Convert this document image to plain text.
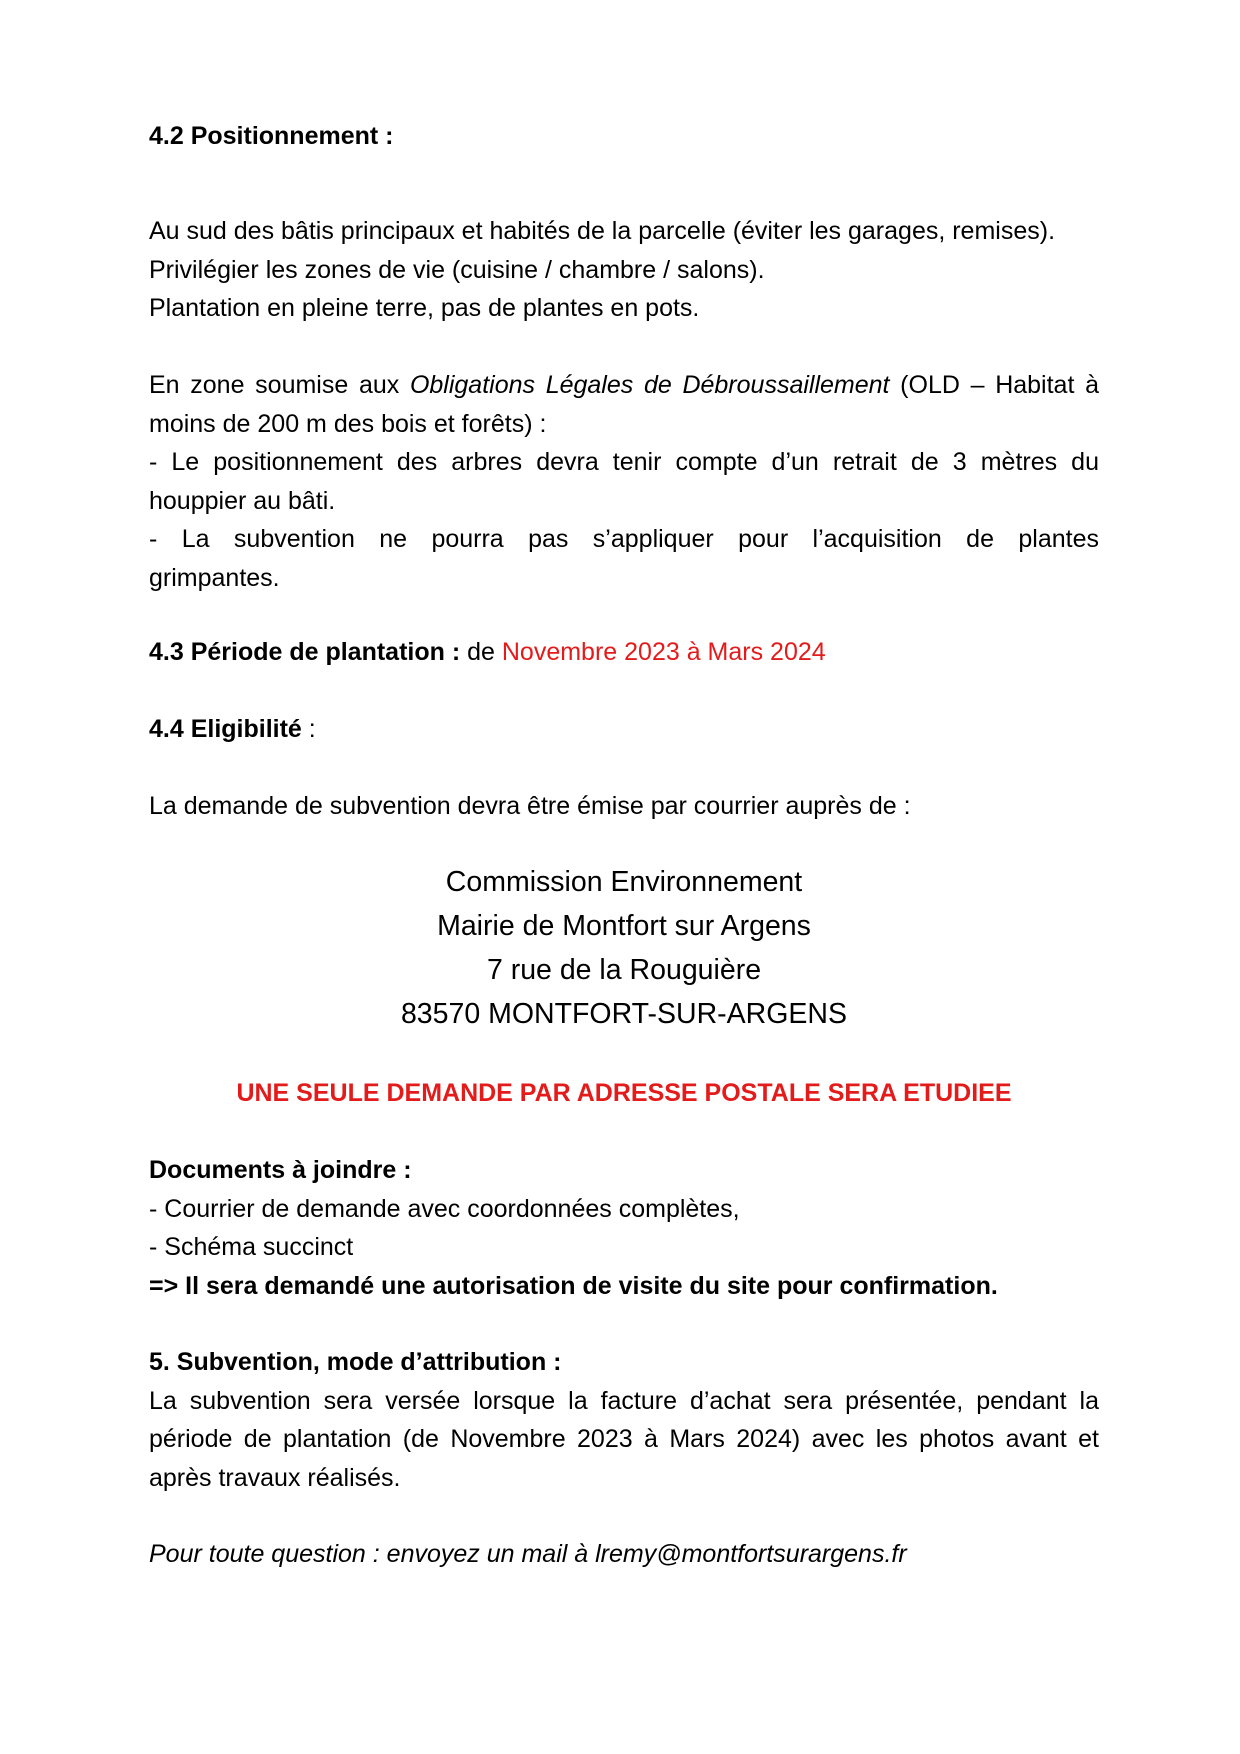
4.2 Positionnement :
Au sud des bâtis principaux et habités de la parcelle (éviter les garages, remises).
Privilégier les zones de vie (cuisine / chambre / salons).
Plantation en pleine terre, pas de plantes en pots.
En zone soumise aux Obligations Légales de Débroussaillement (OLD – Habitat à
moins de 200 m des bois et forêts) :
- Le positionnement des arbres devra tenir compte d’un retrait de 3 mètres du
houppier au bâti.
- La subvention ne pourra pas s’appliquer pour l’acquisition de plantes
grimpantes.
4.3 Période de plantation : de Novembre 2023 à Mars 2024
4.4 Eligibilité :
La demande de subvention devra être émise par courrier auprès de :
Commission Environnement
Mairie de Montfort sur Argens
7 rue de la Rouguière
83570 MONTFORT-SUR-ARGENS
UNE SEULE DEMANDE PAR ADRESSE POSTALE SERA ETUDIEE
Documents à joindre :
- Courrier de demande avec coordonnées complètes,
- Schéma succinct
=> Il sera demandé une autorisation de visite du site pour confirmation.
5. Subvention, mode d’attribution :
La subvention sera versée lorsque la facture d’achat sera présentée, pendant la
période de plantation (de Novembre 2023 à Mars 2024) avec les photos avant et
après travaux réalisés.
Pour toute question : envoyez un mail à lremy@montfortsurargens.fr
